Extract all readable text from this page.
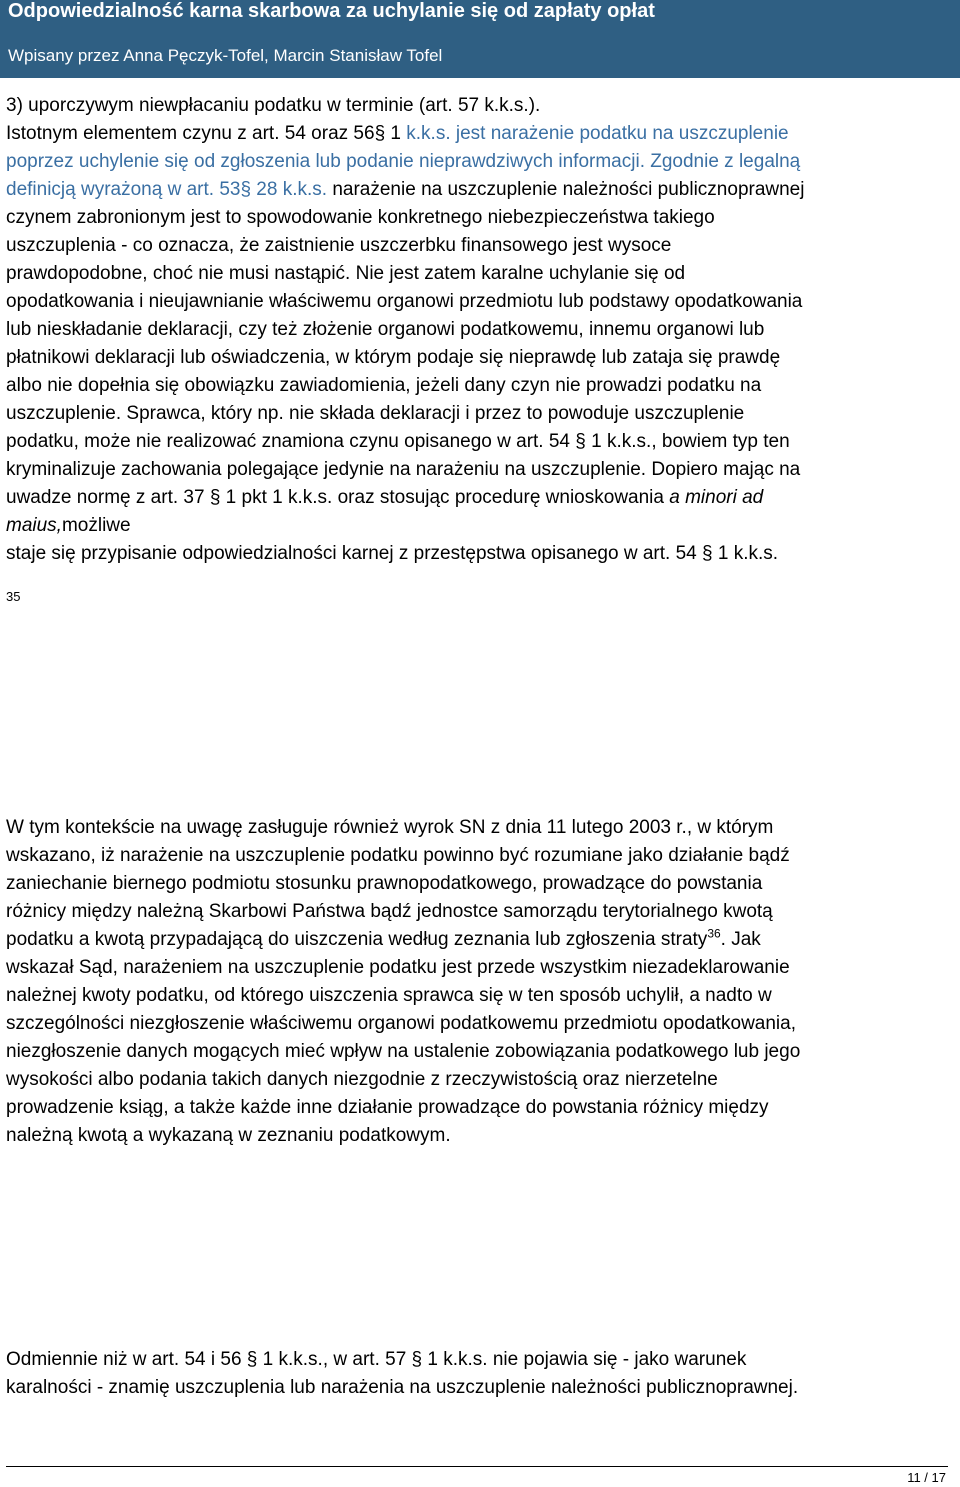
Odpowiedzialność karna skarbowa za uchylanie się od zapłaty opłat
Wpisany przez Anna Pęczyk-Tofel, Marcin Stanisław Tofel
3) uporczywym niewpłacaniu podatku w terminie (art. 57 k.k.s.).
Istotnym elementem czynu z art. 54 oraz 56§ 1 k.k.s. jest narażenie podatku na uszczuplenie
poprzez uchylenie się od zgłoszenia lub podanie nieprawdziwych informacji. Zgodnie z legalną
definicją wyrażoną w art. 53§ 28 k.k.s. narażenie na uszczuplenie należności publicznoprawnej
czynem zabronionym jest to spowodowanie konkretnego niebezpieczeństwa takiego
uszczuplenia - co oznacza, że zaistnienie uszczerbku finansowego jest wysoce
prawdopodobne, choć nie musi nastąpić. Nie jest zatem karalne uchylanie się od
opodatkowania i nieujawnianie właściwemu organowi przedmiotu lub podstawy opodatkowania
lub nieskładanie deklaracji, czy też złożenie organowi podatkowemu, innemu organowi lub
płatnikowi deklaracji lub oświadczenia, w którym podaje się nieprawdę lub zataja się prawdę
albo nie dopełnia się obowiązku zawiadomienia, jeżeli dany czyn nie prowadzi podatku na
uszczuplenie. Sprawca, który np. nie składa deklaracji i przez to powoduje uszczuplenie
podatku, może nie realizować znamiona czynu opisanego w art. 54 § 1 k.k.s., bowiem typ ten
kryminalizuje zachowania polegające jedynie na narażeniu na uszczuplenie. Dopiero mając na
uwadze normę z art. 37 § 1 pkt 1 k.k.s. oraz stosując procedurę wnioskowania a minori ad
maius,możliwe
staje się przypisanie odpowiedzialności karnej z przestępstwa opisanego w art. 54 § 1 k.k.s.
35
W tym kontekście na uwagę zasługuje również wyrok SN z dnia 11 lutego 2003 r., w którym
wskazano, iż narażenie na uszczuplenie podatku powinno być rozumiane jako działanie bądź
zaniechanie biernego podmiotu stosunku prawnopodatkowego, prowadzące do powstania
różnicy między należną Skarbowi Państwa bądź jednostce samorządu terytorialnego kwotą
podatku a kwotą przypadającą do uiszczenia według zeznania lub zgłoszenia straty$^{36}$. Jak
wskazał Sąd, narażeniem na uszczuplenie podatku jest przede wszystkim niezadeklarowanie
należnej kwoty podatku, od którego uiszczenia sprawca się w ten sposób uchylił, a nadto w
szczególności niezgłoszenie właściwemu organowi podatkowemu przedmiotu opodatkowania,
niezgłoszenie danych mogących mieć wpływ na ustalenie zobowiązania podatkowego lub jego
wysokości albo podania takich danych niezgodnie z rzeczywistością oraz nierzetelne
prowadzenie ksiąg, a także każde inne działanie prowadzące do powstania różnicy między
należną kwotą a wykazaną w zeznaniu podatkowym.
Odmiennie niż w art. 54 i 56 § 1 k.k.s., w art. 57 § 1 k.k.s. nie pojawia się - jako warunek
karalności - znamię uszczuplenia lub narażenia na uszczuplenie należności publicznoprawnej.
11 / 17
